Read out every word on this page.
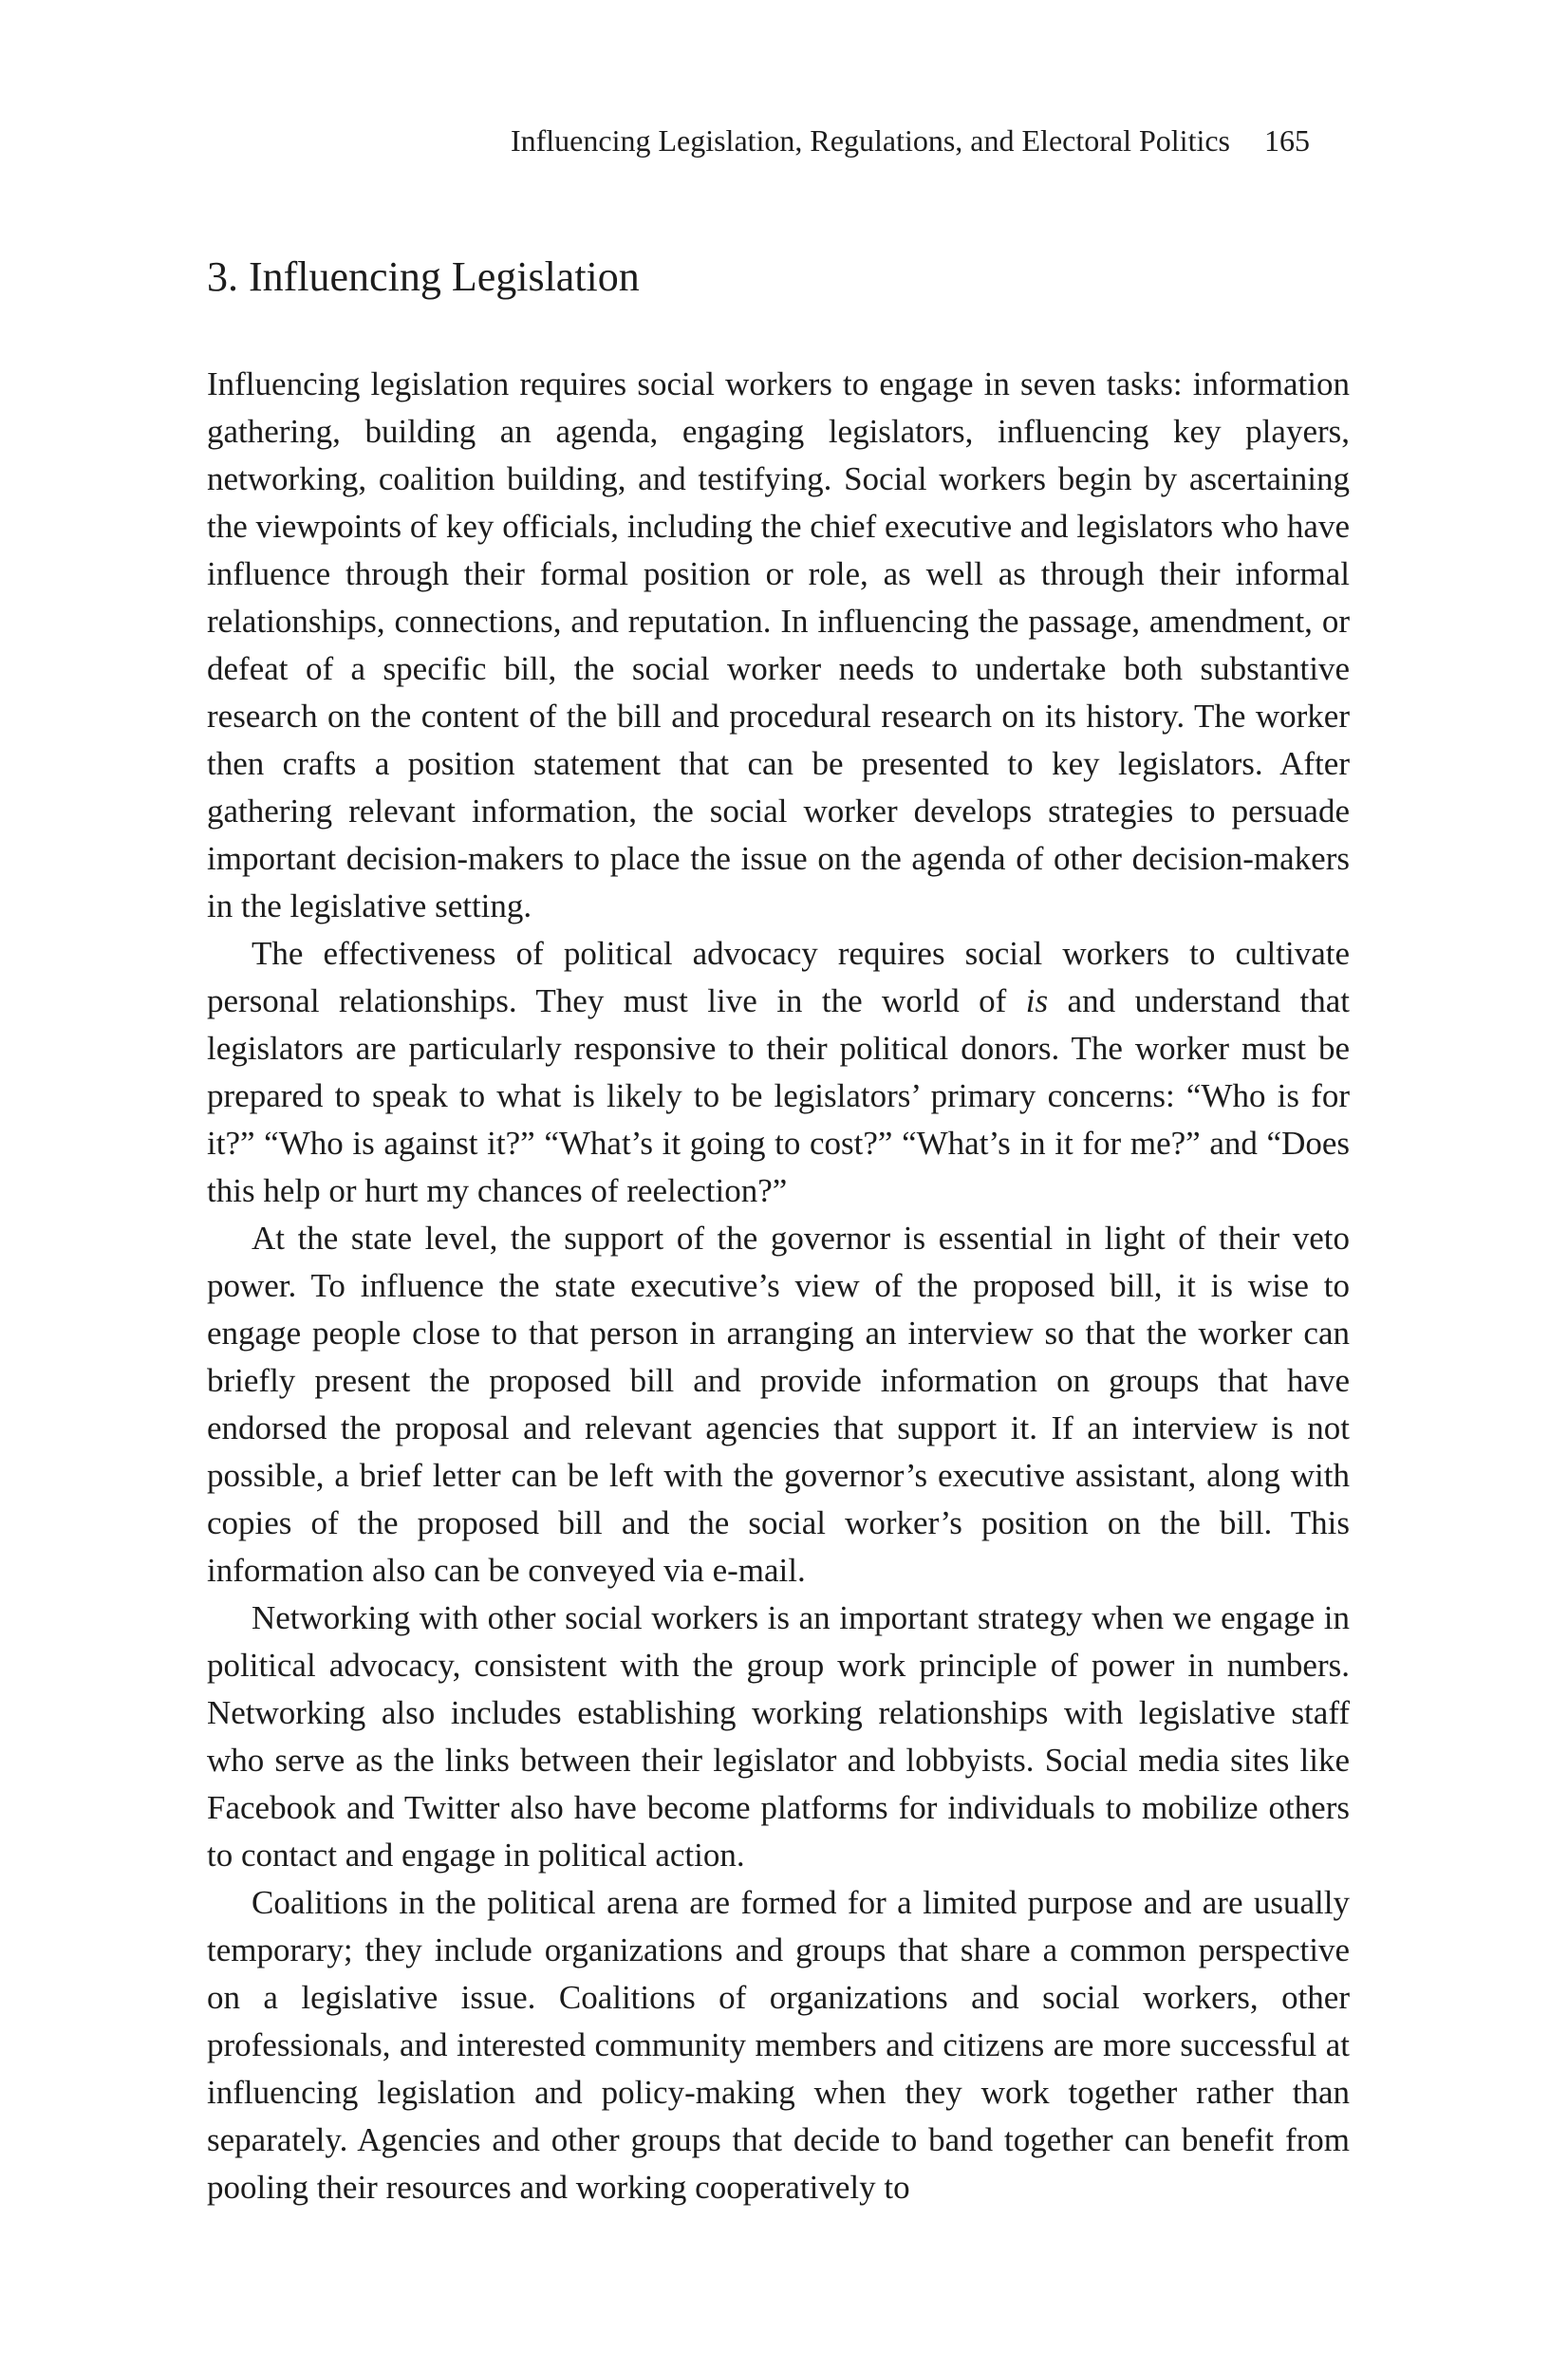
Influencing Legislation, Regulations, and Electoral Politics 165
3. Influencing Legislation

Influencing legislation requires social workers to engage in seven tasks: information gathering, building an agenda, engaging legislators, influencing key players, networking, coalition building, and testifying. Social workers begin by ascertaining the viewpoints of key officials, including the chief executive and legislators who have influence through their formal position or role, as well as through their informal relationships, connections, and reputation. In influencing the passage, amendment, or defeat of a specific bill, the social worker needs to undertake both substantive research on the content of the bill and procedural research on its history. The worker then crafts a position statement that can be presented to key legislators. After gathering relevant information, the social worker develops strategies to persuade important decision-makers to place the issue on the agenda of other decision-makers in the legislative setting.

The effectiveness of political advocacy requires social workers to cultivate personal relationships. They must live in the world of is and understand that legislators are particularly responsive to their political donors. The worker must be prepared to speak to what is likely to be legislators’ primary concerns: “Who is for it?” “Who is against it?” “What’s it going to cost?” “What’s in it for me?” and “Does this help or hurt my chances of reelection?”

At the state level, the support of the governor is essential in light of their veto power. To influence the state executive’s view of the proposed bill, it is wise to engage people close to that person in arranging an interview so that the worker can briefly present the proposed bill and provide information on groups that have endorsed the proposal and relevant agencies that support it. If an interview is not possible, a brief letter can be left with the governor’s executive assistant, along with copies of the proposed bill and the social worker’s position on the bill. This information also can be conveyed via e-mail.

Networking with other social workers is an important strategy when we engage in political advocacy, consistent with the group work principle of power in numbers. Networking also includes establishing working relationships with legislative staff who serve as the links between their legislator and lobbyists. Social media sites like Facebook and Twitter also have become platforms for individuals to mobilize others to contact and engage in political action.

Coalitions in the political arena are formed for a limited purpose and are usually temporary; they include organizations and groups that share a common perspective on a legislative issue. Coalitions of organizations and social workers, other professionals, and interested community members and citizens are more successful at influencing legislation and policy-making when they work together rather than separately. Agencies and other groups that decide to band together can benefit from pooling their resources and working cooperatively to
